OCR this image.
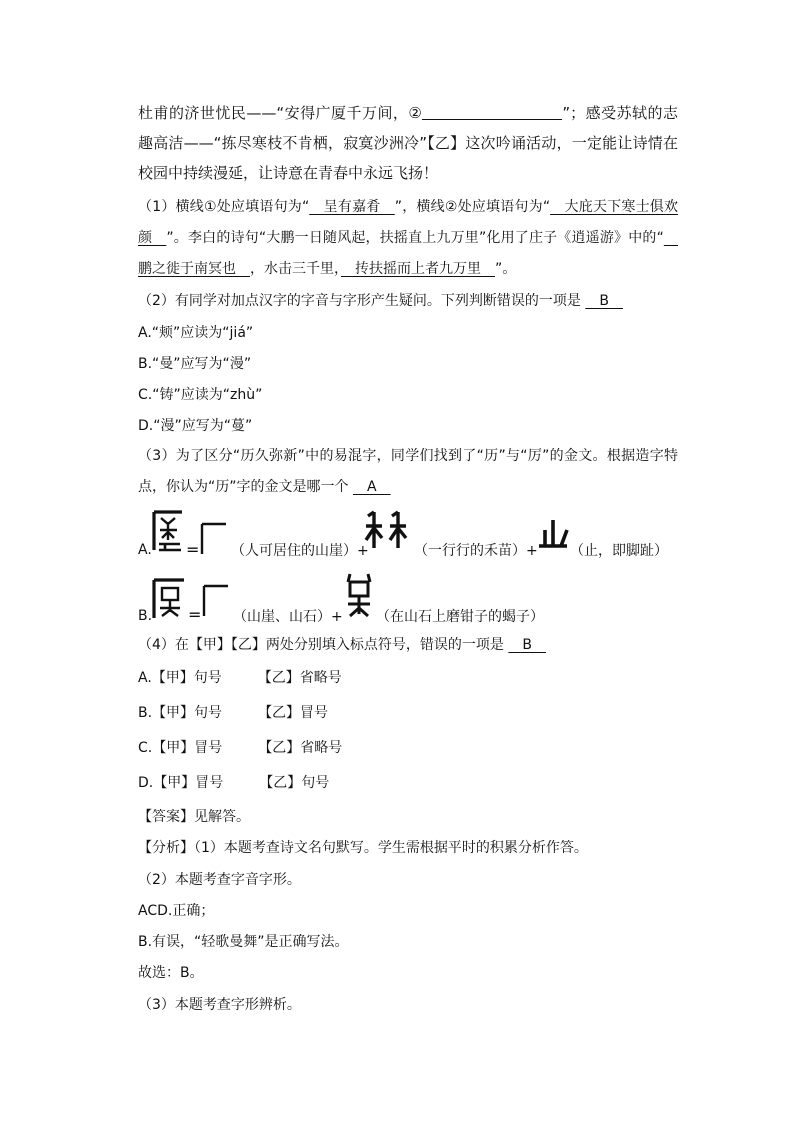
杜甫的济世忧民——“安得广厦千万间，②	”；感受苏轼的志趣高洁——“拣尽寒枝不肯栖，寂寞沙洲冷”【乙】这次吟诵活动，一定能让诗情在校园中持续漫延，让诗意在青春中永远飞扬！

（1）横线①处应填语句为“　呈有嘉肴　”，横线②处应填语句为“　大庇天下寒士俱欢颜　”。李白的诗句“大鹏一日随风起，扶摇直上九万里”化用了庄子《逍遥游》中的“　鹏之徙于南冥也　，水击三千里，　抟扶摇而上者九万里　”。

（2）有同学对加点汉字的字音与字形产生疑问。下列判断错误的一项是 　B　
A.“颊”应读为“jiá”
B.“曼”应写为“漫”
C.“铸”应读为“zhù”
D.“漫”应写为“蔓”

（3）为了区分“历久弥新”中的易混字，同学们找到了“历”与“厉”的金文。根据造字特点，你认为“历”字的金文是哪一个 　A　

A. = （人可居住的山崖）+	（一行行的禾苗）+ （止，即脚趾）
B. = （山崖、山石）+ （在山石上磨钳子的蝎子）
（4）在【甲】【乙】两处分别填入标点符号，错误的一项是 　B　
A.【甲】句号	【乙】省略号
B.【甲】句号	【乙】冒号
C.【甲】冒号	【乙】省略号
D.【甲】冒号	【乙】句号
【答案】见解答。
【分析】（1）本题考查诗文名句默写。学生需根据平时的积累分析作答。
（2）本题考查字音字形。
ACD.正确；
B.有误，“轻歌曼舞”是正确写法。
故选：B。
（3）本题考查字形辨析。
